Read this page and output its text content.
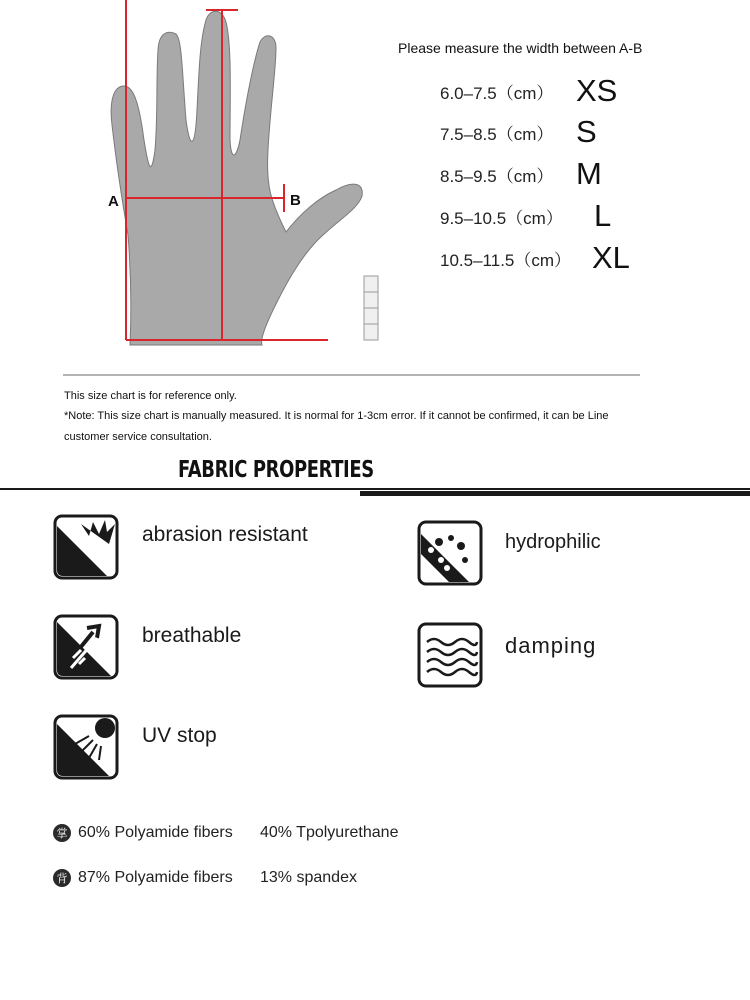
A	B
Please measure the width between A-B
6.0–7.5（cm） XS
7.5–8.5（cm） S
8.5–9.5（cm） M
9.5–10.5（cm）	L
10.5–11.5（cm） XL
This size chart is for reference only.
*Note: This size chart is manually measured. It is normal for 1-3cm error. If it cannot be confirmed, it can be Line
customer service consultation.
FABRIC PROPERTIES
abrasion resistant	hydrophilic
breathable	damping
UV stop
掌 60% Polyamide fibers	40% Tpolyurethane
背 87% Polyamide fibers	13% spandex
